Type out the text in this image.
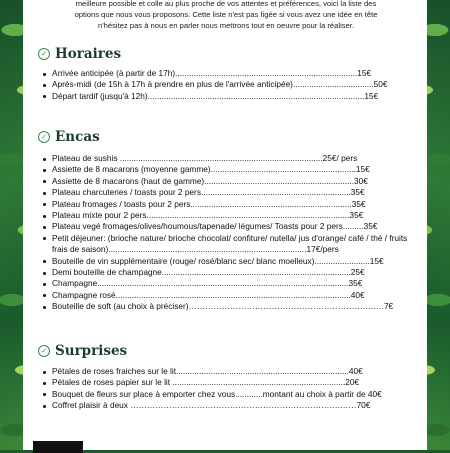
meilleure possible et colle au plus proche de vos attentes et préférences, voici la liste des options que nous vous proposons. Cette liste n'est pas figée si vous avez une idée en tête n'hésitez pas à nous en parler nous mettrons tout en oeuvre pour la réaliser.
✓ Horaires
Arrivée anticipée (à partir de 17h)...............................................................................15€
Après-midi (de 15h à 17h à prendre en plus de l'arrivée anticipée)...................................50€
Départ tardif (jusqu'à 12h)..............................................................................................15€
✓ Encas
Plateau de sushis ........................................................................................25€/ pers
Assiette de 8 macarons (moyenne gamme)...............................................................15€
Assiette de 8 macarons (haut de gamme).................................................................30€
Plateau charcuteries / toasts pour 2 pers.................................................................35€
Plateau fromages / toasts pour 2 pers......................................................................35€
Plateau mixte pour 2 pers........................................................................................35€
Plateau vegé fromages/olives/houmous/tapenade/ légumes/ Toasts pour 2 pers.........35€
Petit déjeuner: (brioche nature/ brioche chocolat/ confiture/ nutella/ jus d'orange/ café / thé / fruits frais de saison)......................................................................................17€/pers
Bouteille de vin supplémentaire (rouge/ rosé/blanc sec/ blanc moelleux)........................15€
Demi bouteille de champagne..................................................................................25€
Champagne.............................................................................................................35€
Champagne rosé......................................................................................................40€
Bouteille de soft (au choix à préciser)……………………………………………………….…….7€
✓ Surprises
Pétales de roses fraiches sur le lit...........................................................................40€
Pétales de roses papier sur le lit ...........................................................................20€
Bouquet de fleurs sur place à emporter chez vous............montant au choix à partir de 40€
Coffret plaisir à deux ………………………………………………………………….……70€
